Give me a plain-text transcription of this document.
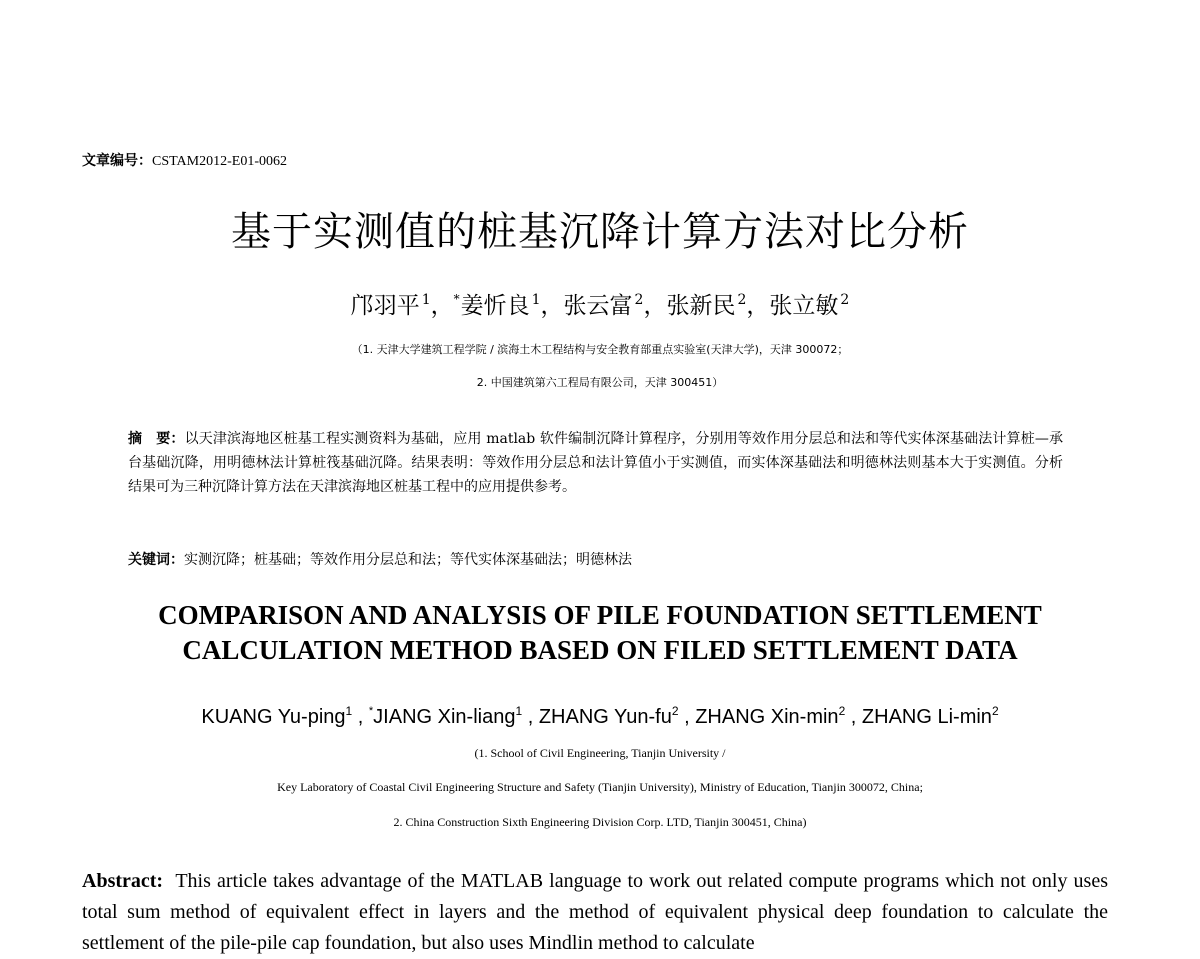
文章编号：CSTAM2012-E01-0062
基于实测值的桩基沉降计算方法对比分析
邝羽平 $^1$，*姜忻良 $^1$，张云富 $^2$，张新民 $^2$，张立敏 $^2$
（1. 天津大学建筑工程学院 / 滨海土木工程结构与安全教育部重点实验室(天津大学)，天津 300072；
2. 中国建筑第六工程局有限公司，天津 300451）
摘　要：以天津滨海地区桩基工程实测资料为基础，应用 matlab 软件编制沉降计算程序，分别用等效作用分层总和法和等代实体深基础法计算桩—承台基础沉降，用明德林法计算桩筏基础沉降。结果表明：等效作用分层总和法计算值小于实测值，而实体深基础法和明德林法则基本大于实测值。分析结果可为三种沉降计算方法在天津滨海地区桩基工程中的应用提供参考。
关键词：实测沉降；桩基础；等效作用分层总和法；等代实体深基础法；明德林法
COMPARISON AND ANALYSIS OF PILE FOUNDATION SETTLEMENT
CALCULATION METHOD BASED ON FILED SETTLEMENT DATA
KUANG Yu-ping$^1$ , *JIANG Xin-liang$^1$ , ZHANG Yun-$fu^2$ , ZHANG Xin-$\min^2$ , ZHANG $Li-\min^2$
(1. School of Civil Engineering, Tianjin University /
Key Laboratory of Coastal Civil Engineering Structure and Safety (Tianjin University), Ministry of Education, Tianjin 300072, China;
2. China Construction Sixth Engineering Division Corp. LTD, Tianjin 300451, China)
Abstract: This article takes advantage of the MATLAB language to work out related compute programs which not only uses total sum method of equivalent effect in layers and the method of equivalent physical deep foundation to calculate the settlement of the pile-pile cap foundation, but also uses Mindlin method to calculate
